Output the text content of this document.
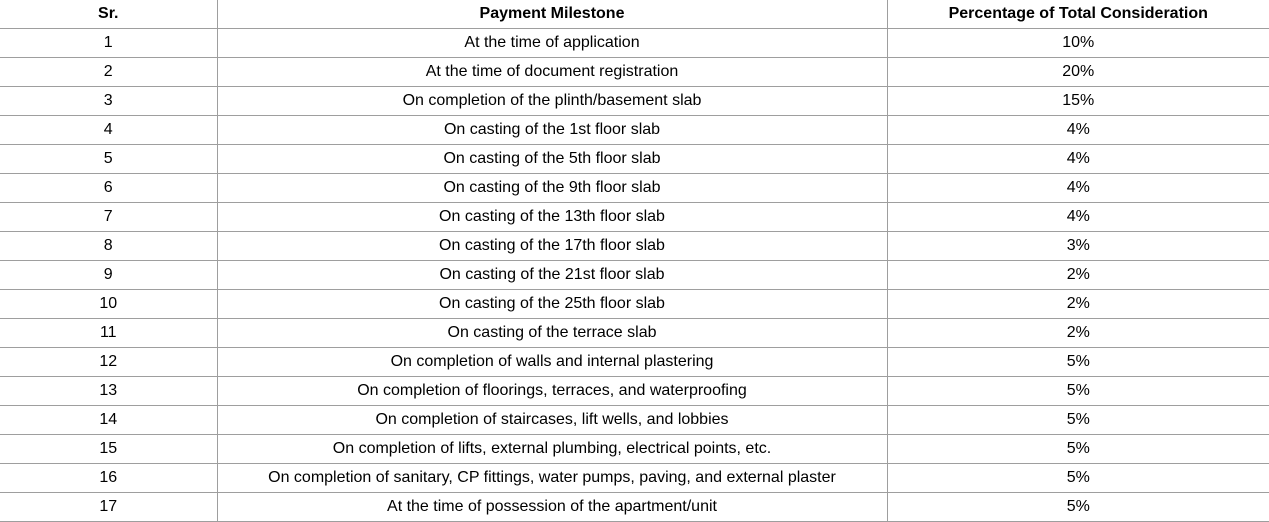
Sr.	Payment Milestone	Percentage of Total Consideration
1	At the time of application	10%
2	At the time of document registration	20%
3	On completion of the plinth/basement slab	15%
4	On casting of the 1st floor slab	4%
5	On casting of the 5th floor slab	4%
6	On casting of the 9th floor slab	4%
7	On casting of the 13th floor slab	4%
8	On casting of the 17th floor slab	3%
9	On casting of the 21st floor slab	2%
10	On casting of the 25th floor slab	2%
11	On casting of the terrace slab	2%
12	On completion of walls and internal plastering	5%
13	On completion of floorings, terraces, and waterproofing	5%
14	On completion of staircases, lift wells, and lobbies	5%
15	On completion of lifts, external plumbing, electrical points, etc.	5%
16	On completion of sanitary, CP fittings, water pumps, paving, and external plaster	5%
17	At the time of possession of the apartment/unit	5%
